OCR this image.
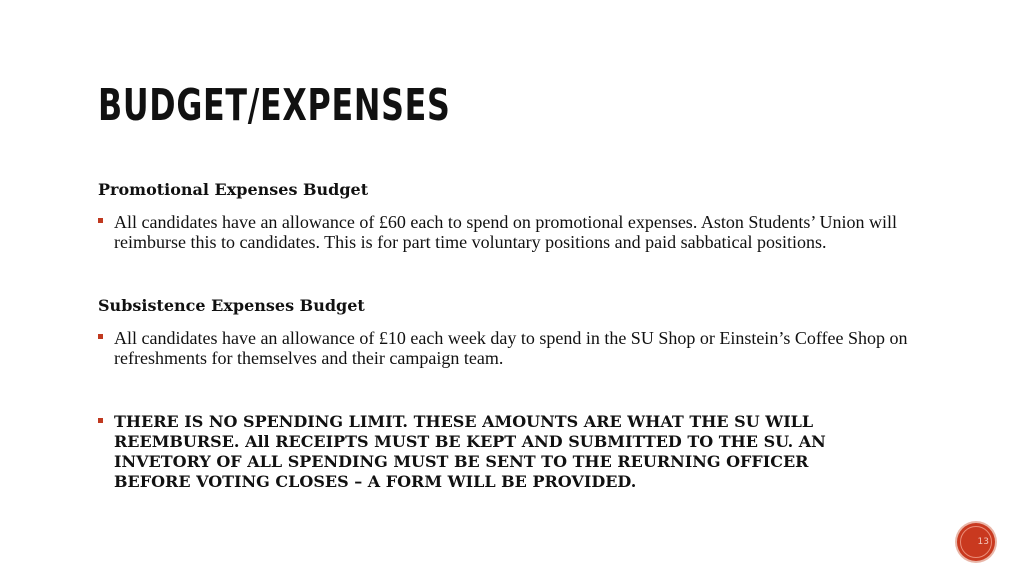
BUDGET/EXPENSES

Promotional Expenses Budget

All candidates have an allowance of £60 each to spend on promotional expenses. Aston Students’ Union will reimburse this to candidates. This is for part time voluntary positions and paid sabbatical positions.

Subsistence Expenses Budget

All candidates have an allowance of £10 each week day to spend in the SU Shop or Einstein’s Coffee Shop on refreshments for themselves and their campaign team.

THERE IS NO SPENDING LIMIT. THESE AMOUNTS ARE WHAT THE SU WILL REEMBURSE. All RECEIPTS MUST BE KEPT AND SUBMITTED TO THE SU. AN INVETORY OF ALL SPENDING MUST BE SENT TO THE REURNING OFFICER BEFORE VOTING CLOSES – A FORM WILL BE PROVIDED.

13
